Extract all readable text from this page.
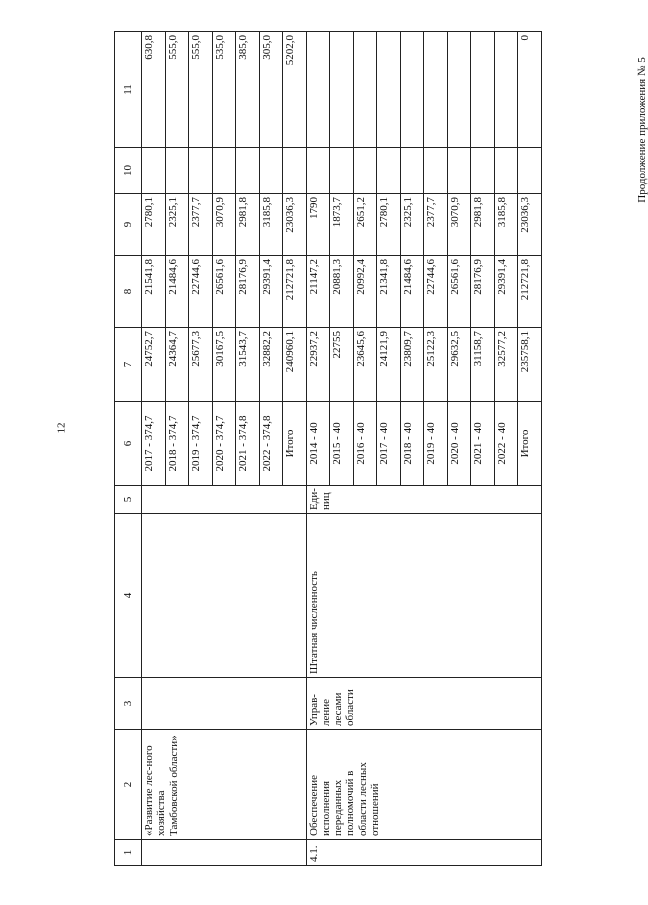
12
Продолжение приложения № 5
1	2	3	4	5	6	7	8	9	10	11
	«Развитие лес-ного хозяйства Тамбовской области»				2017 - 374,7	24752,7	21541,8	2780,1		630,8
					2018 - 374,7	24364,7	21484,6	2325,1		555,0
					2019 - 374,7	25677,3	22744,6	2377,7		555,0
					2020 - 374,7	30167,5	26561,6	3070,9		535,0
					2021 - 374,8	31543,7	28176,9	2981,8		385,0
					2022 - 374,8	32882,2	29391,4	3185,8		305,0
					Итого	240960,1	212721,8	23036,3		5202,0
4.1.	Обеспечение исполнения переданных полномочий в области лесных отношений	Управ-ление лесами области	Штатная численность	Еди-ниц	2014 - 40	22937,2	21147,2	1790		
					2015 - 40	22755	20881,3	1873,7		
					2016 - 40	23645,6	20992,4	2651,2		
					2017 - 40	24121,9	21341,8	2780,1		
					2018 - 40	23809,7	21484,6	2325,1		
					2019 - 40	25122,3	22744,6	2377,7		
					2020 - 40	29632,5	26561,6	3070,9		
					2021 - 40	31158,7	28176,9	2981,8		
					2022 - 40	32577,2	29391,4	3185,8		
					Итого	235758,1	212721,8	23036,3		0
